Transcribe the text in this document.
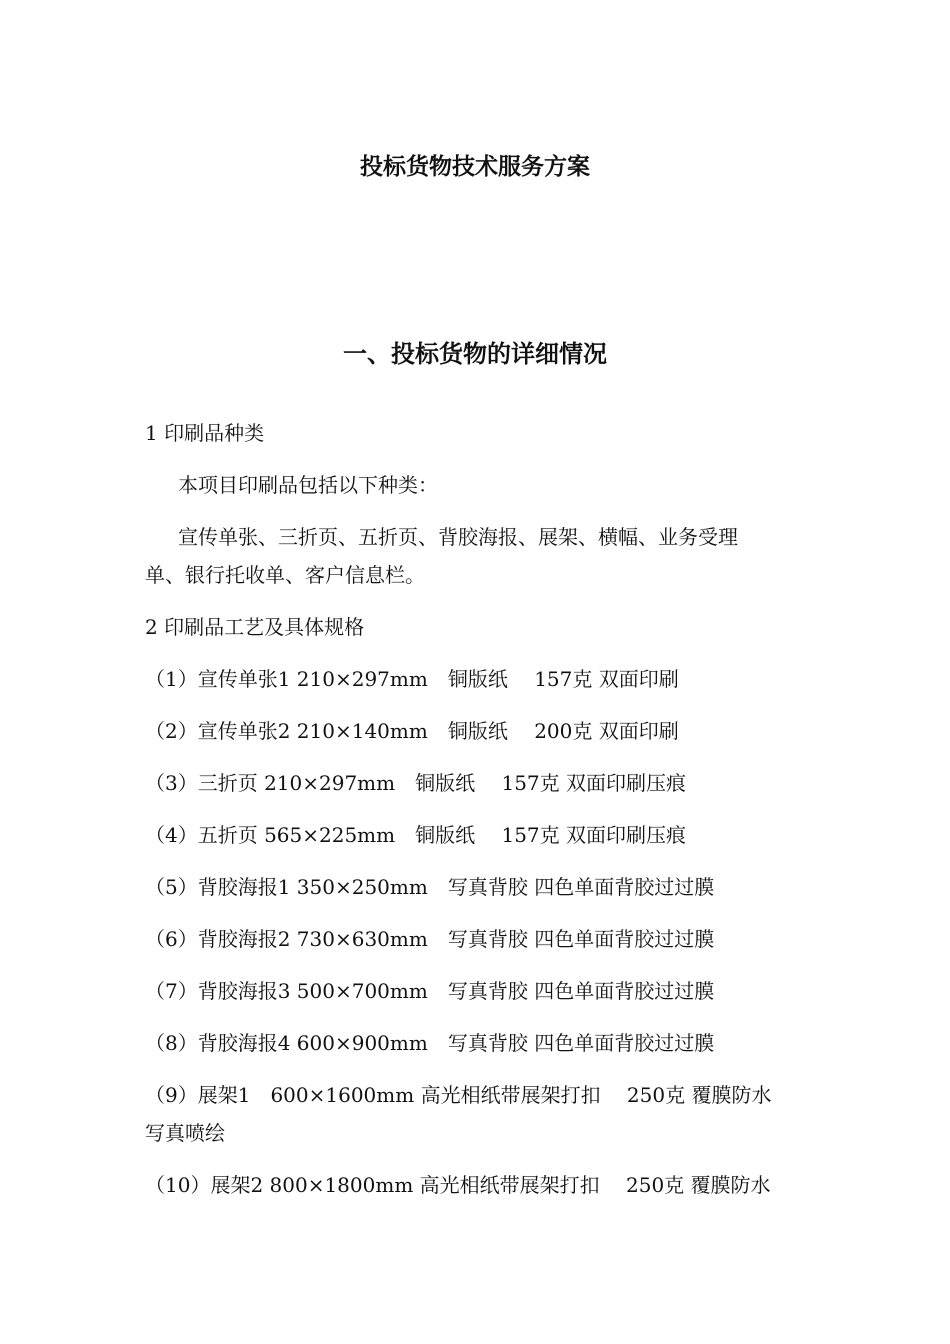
投标货物技术服务方案
一、投标货物的详细情况
1 印刷品种类
本项目印刷品包括以下种类：
宣传单张、三折页、五折页、背胶海报、展架、横幅、业务受理
单、银行托收单、客户信息栏。
2 印刷品工艺及具体规格
（1）宣传单张1 210×297mm　铜版纸　 157克 双面印刷
（2）宣传单张2 210×140mm　铜版纸　 200克 双面印刷
（3）三折页 210×297mm　铜版纸　 157克 双面印刷压痕
（4）五折页 565×225mm　铜版纸　 157克 双面印刷压痕
（5）背胶海报1 350×250mm　写真背胶 四色单面背胶过过膜
（6）背胶海报2 730×630mm　写真背胶 四色单面背胶过过膜
（7）背胶海报3 500×700mm　写真背胶 四色单面背胶过过膜
（8）背胶海报4 600×900mm　写真背胶 四色单面背胶过过膜
（9）展架1　600×1600mm 高光相纸带展架打扣　 250克 覆膜防水
写真喷绘
（10）展架2 800×1800mm 高光相纸带展架打扣　 250克 覆膜防水
